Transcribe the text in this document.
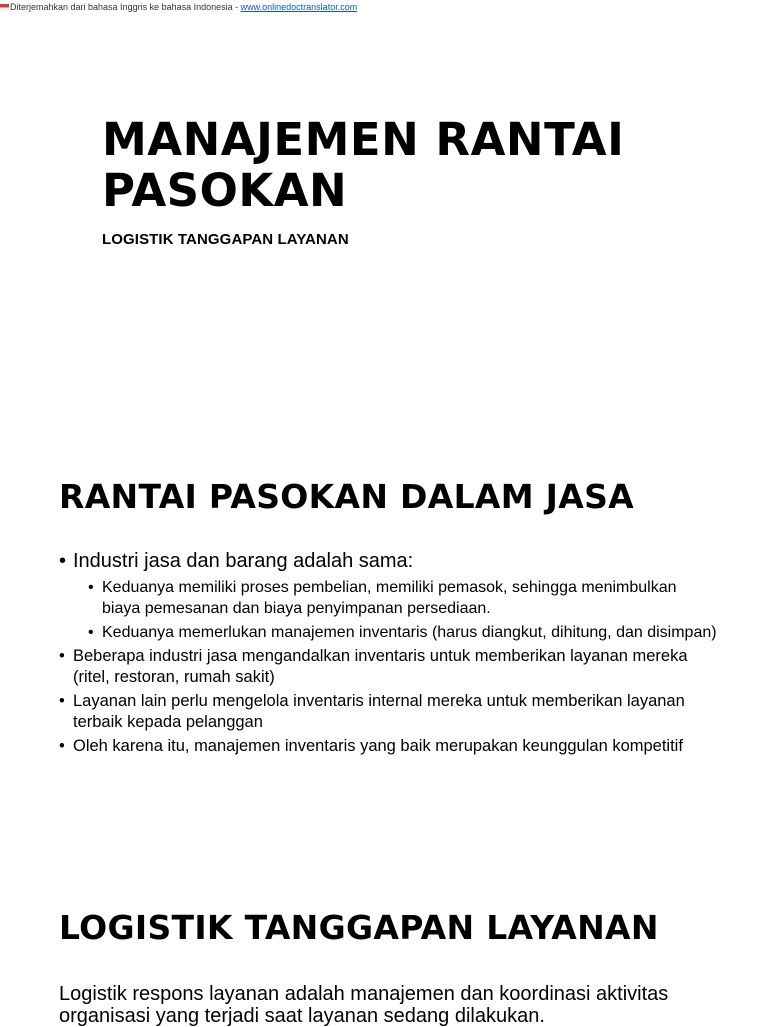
Diterjemahkan dari bahasa Inggris ke bahasa Indonesia - www.onlinedoctranslator.com
MANAJEMEN RANTAI PASOKAN
LOGISTIK TANGGAPAN LAYANAN
RANTAI PASOKAN DALAM JASA
• Industri jasa dan barang adalah sama:
• Keduanya memiliki proses pembelian, memiliki pemasok, sehingga menimbulkan biaya pemesanan dan biaya penyimpanan persediaan.
• Keduanya memerlukan manajemen inventaris (harus diangkut, dihitung, dan disimpan)
• Beberapa industri jasa mengandalkan inventaris untuk memberikan layanan mereka (ritel, restoran, rumah sakit)
• Layanan lain perlu mengelola inventaris internal mereka untuk memberikan layanan terbaik kepada pelanggan
• Oleh karena itu, manajemen inventaris yang baik merupakan keunggulan kompetitif
LOGISTIK TANGGAPAN LAYANAN
Logistik respons layanan adalah manajemen dan koordinasi aktivitas organisasi yang terjadi saat layanan sedang dilakukan.
